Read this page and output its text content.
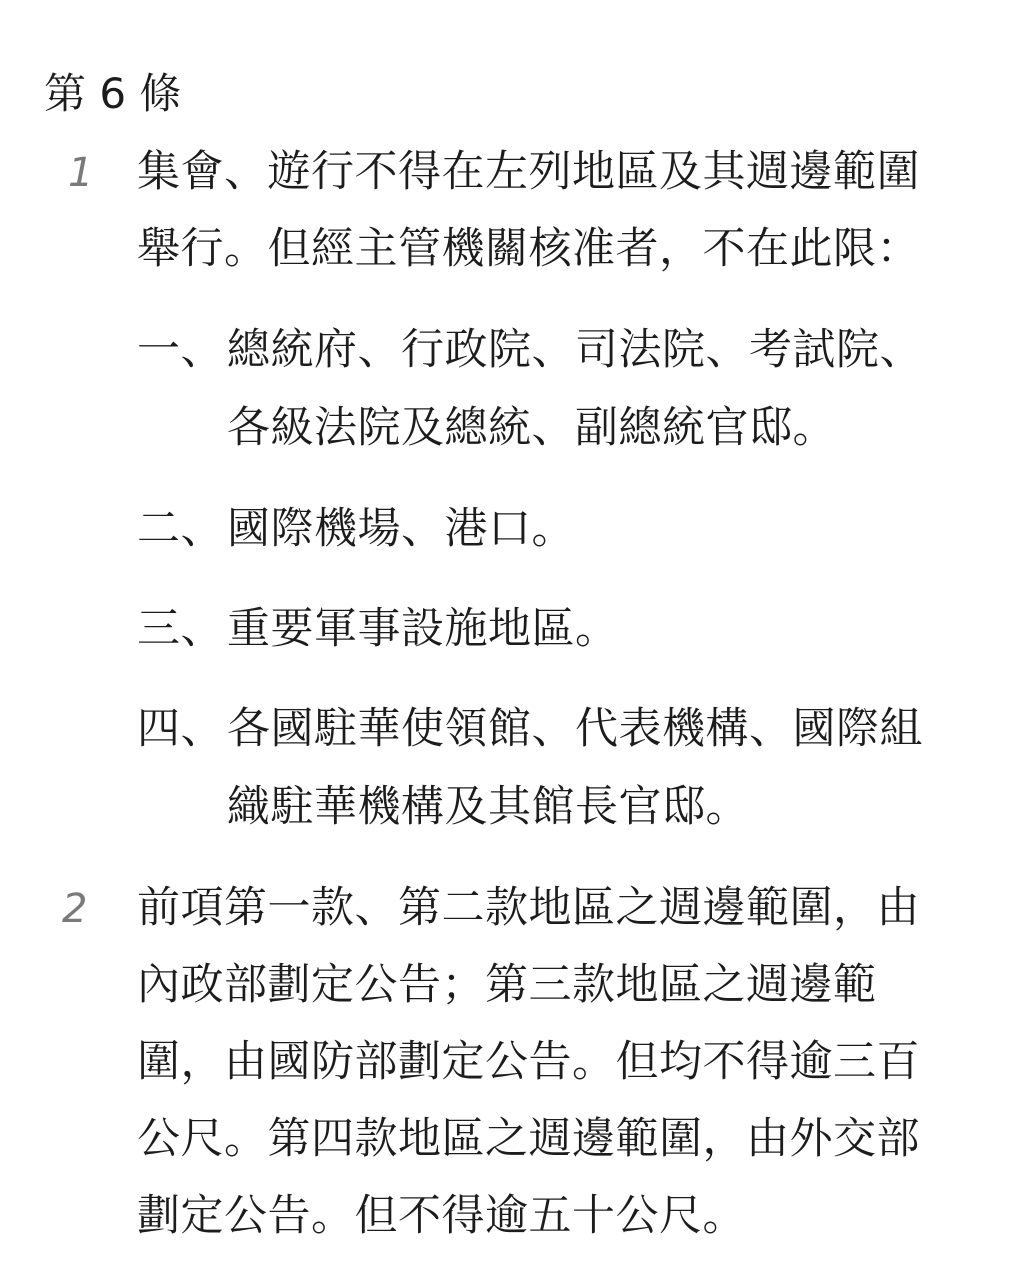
第 6 條
1 集會、遊行不得在左列地區及其週邊範圍
舉行。但經主管機關核准者，不在此限：
一、 總統府、行政院、司法院、考試院、
各級法院及總統、副總統官邸。
二、 國際機場、港口。
三、 重要軍事設施地區。
四、 各國駐華使領館、代表機構、國際組
織駐華機構及其館長官邸。
2 前項第一款、第二款地區之週邊範圍，由
內政部劃定公告；第三款地區之週邊範
圍，由國防部劃定公告。但均不得逾三百
公尺。第四款地區之週邊範圍，由外交部
劃定公告。但不得逾五十公尺。
